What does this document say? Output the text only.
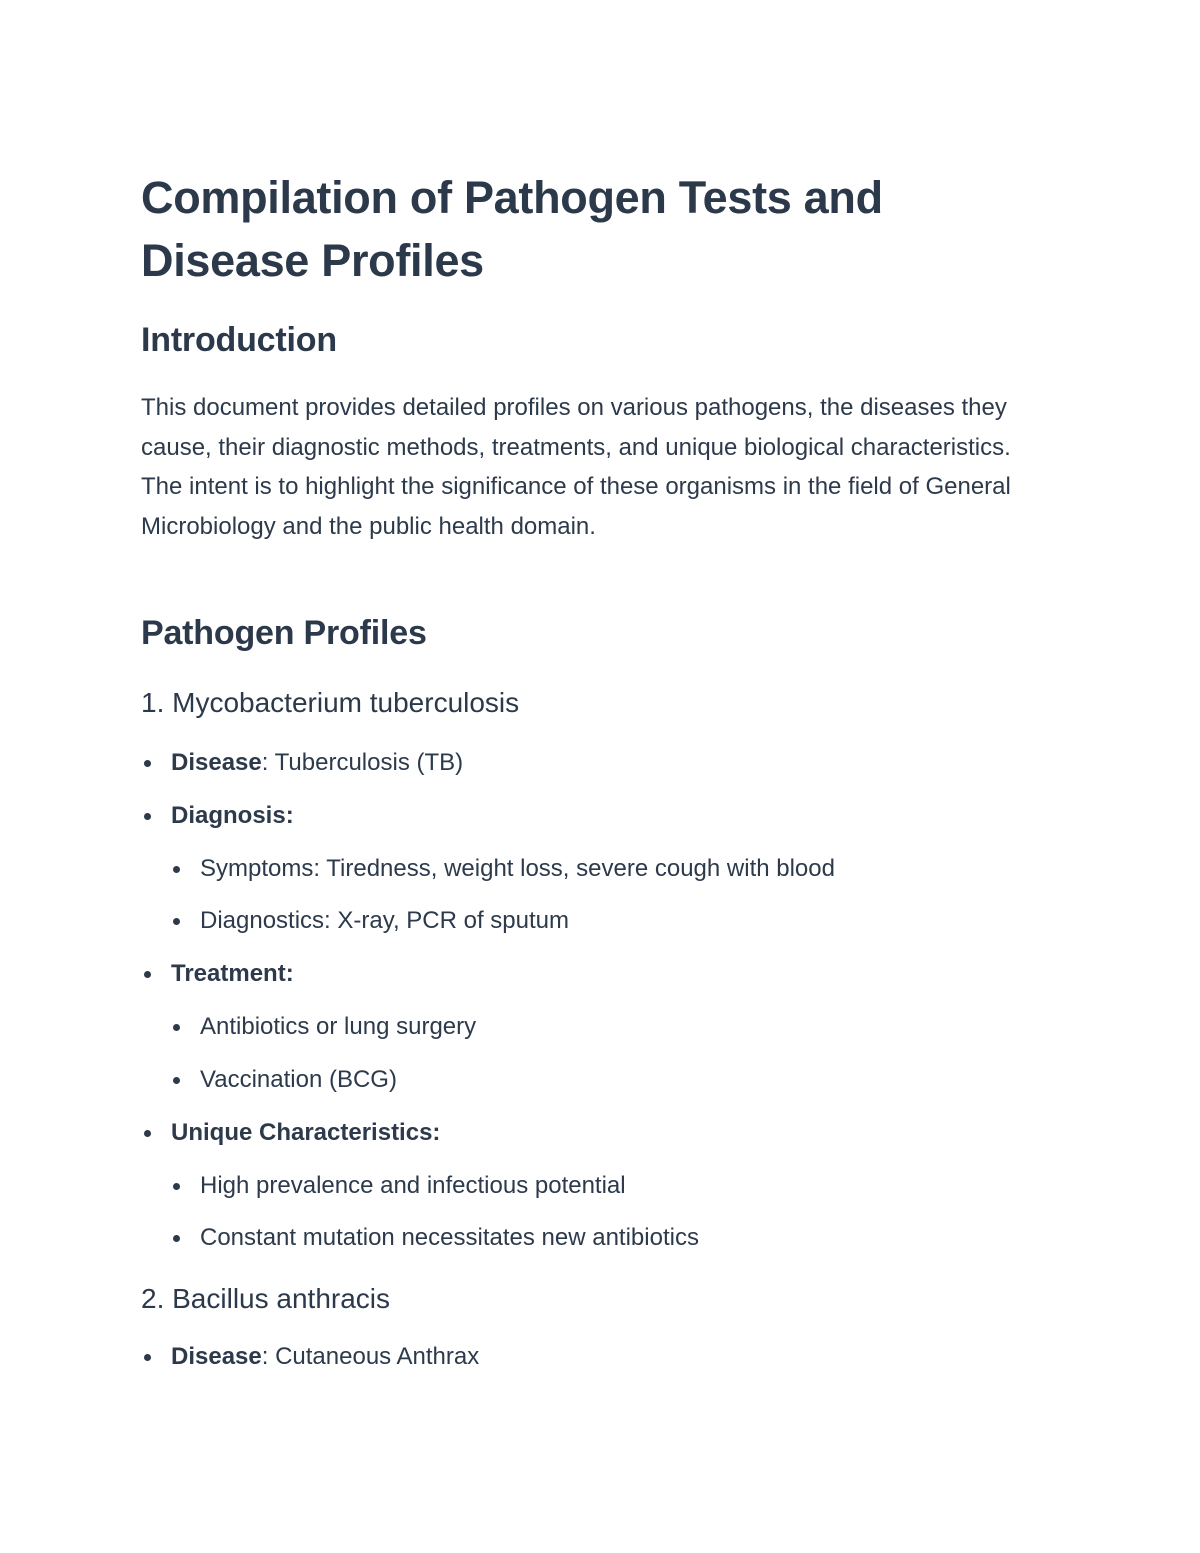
Compilation of Pathogen Tests and Disease Profiles
Introduction

This document provides detailed profiles on various pathogens, the diseases they cause, their diagnostic methods, treatments, and unique biological characteristics. The intent is to highlight the significance of these organisms in the field of General Microbiology and the public health domain.

Pathogen Profiles
1. Mycobacterium tuberculosis
Disease: Tuberculosis (TB)
Diagnosis:
Symptoms: Tiredness, weight loss, severe cough with blood
Diagnostics: X-ray, PCR of sputum
Treatment:
Antibiotics or lung surgery
Vaccination (BCG)
Unique Characteristics:
High prevalence and infectious potential
Constant mutation necessitates new antibiotics
2. Bacillus anthracis
Disease: Cutaneous Anthrax
